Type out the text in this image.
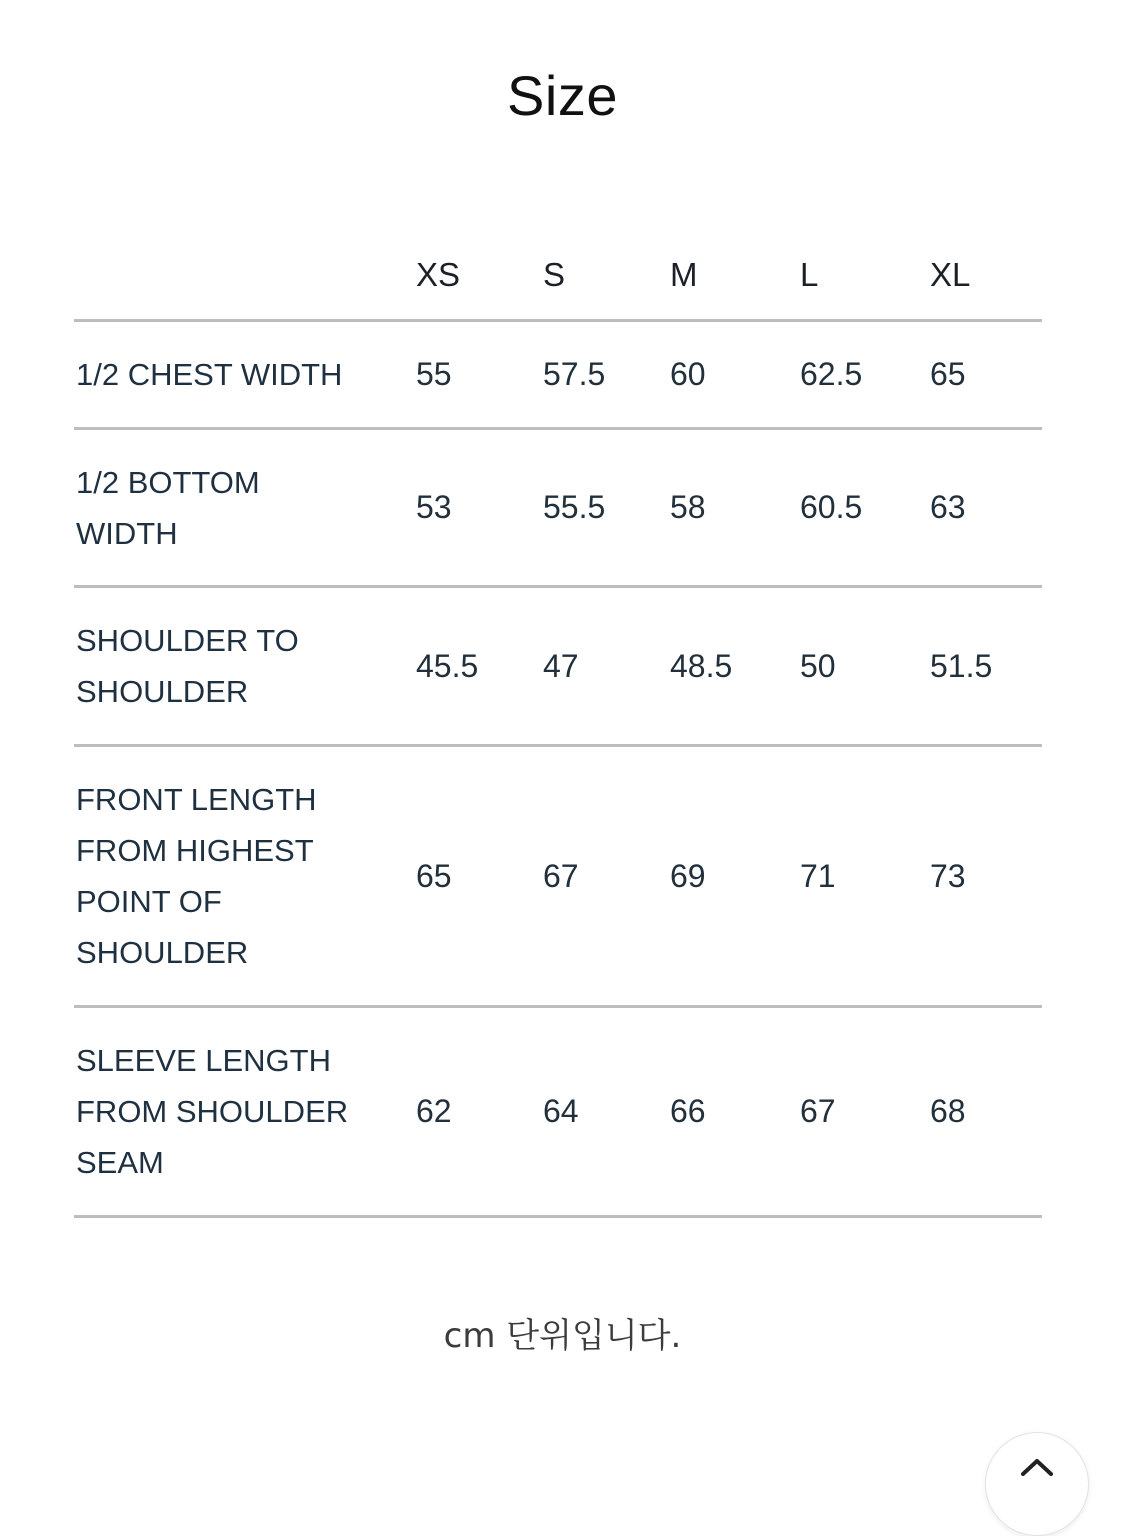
Size
	XS	S	M	L	XL
1/2 CHEST WIDTH	55	57.5	60	62.5	65
1/2 BOTTOM
WIDTH	53	55.5	58	60.5	63
SHOULDER TO
SHOULDER	45.5	47	48.5	50	51.5
FRONT LENGTH
FROM HIGHEST
POINT OF
SHOULDER	65	67	69	71	73
SLEEVE LENGTH
FROM SHOULDER
SEAM	62	64	66	67	68
cm 단위입니다.
